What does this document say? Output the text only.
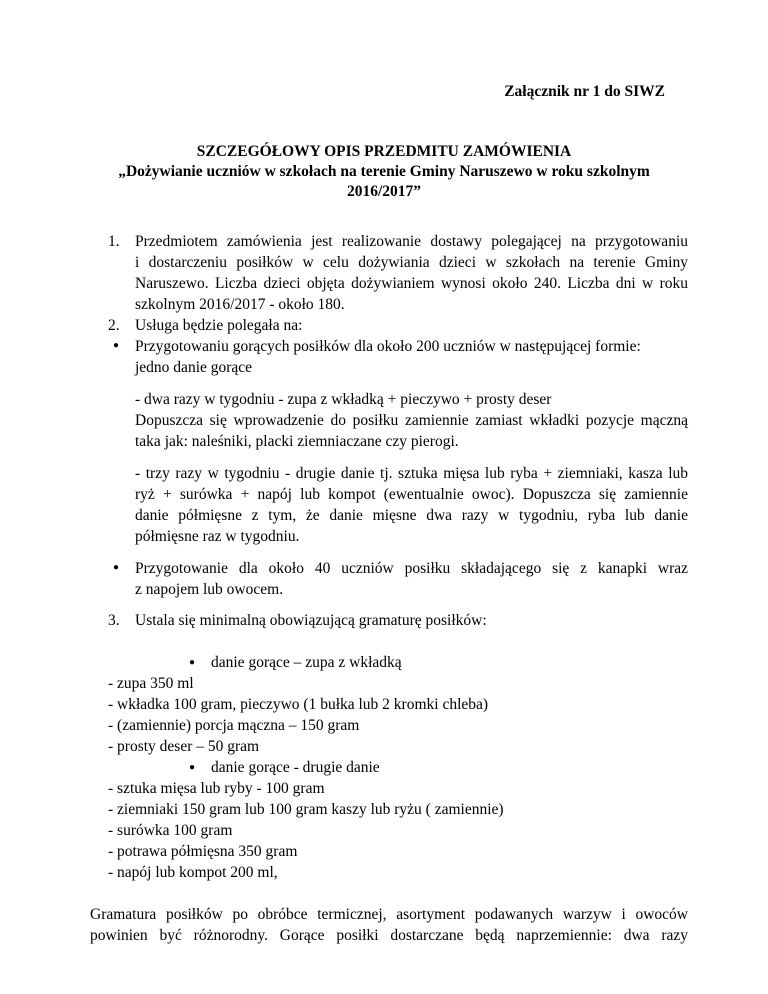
Załącznik nr 1 do SIWZ
SZCZEGÓŁOWY OPIS PRZEDMITU ZAMÓWIENIA
„Dożywianie uczniów w szkołach na terenie Gminy Naruszewo w roku szkolnym
2016/2017”
1. Przedmiotem zamówienia jest realizowanie dostawy polegającej na przygotowaniu
i dostarczeniu posiłków w celu dożywiania dzieci w szkołach na terenie Gminy
Naruszewo. Liczba dzieci objęta dożywianiem wynosi około 240. Liczba dni w roku
szkolnym 2016/2017 - około 180.
2. Usługa będzie polegała na:
● Przygotowaniu gorących posiłków dla około 200 uczniów w następującej formie:
jedno danie gorące
- dwa razy w tygodniu - zupa z wkładką + pieczywo + prosty deser
Dopuszcza się wprowadzenie do posiłku zamiennie zamiast wkładki pozycje mączną
taka jak: naleśniki, placki ziemniaczane czy pierogi.
- trzy razy w tygodniu - drugie danie tj. sztuka mięsa lub ryba + ziemniaki, kasza lub
ryż + surówka + napój lub kompot (ewentualnie owoc). Dopuszcza się zamiennie
danie półmięsne z tym, że danie mięsne dwa razy w tygodniu, ryba lub danie
półmięsne raz w tygodniu.
● Przygotowanie dla około 40 uczniów posiłku składającego się z kanapki wraz
z napojem lub owocem.
3. Ustala się minimalną obowiązującą gramaturę posiłków:
● danie gorące – zupa z wkładką
- zupa 350 ml
- wkładka 100 gram, pieczywo (1 bułka lub 2 kromki chleba)
- (zamiennie) porcja mączna – 150 gram
- prosty deser – 50 gram
● danie gorące - drugie danie
- sztuka mięsa lub ryby - 100 gram
- ziemniaki 150 gram lub 100 gram kaszy lub ryżu ( zamiennie)
- surówka 100 gram
- potrawa półmięsna 350 gram
- napój lub kompot 200 ml,
Gramatura posiłków po obróbce termicznej, asortyment podawanych warzyw i owoców
powinien być różnorodny. Gorące posiłki dostarczane będą naprzemiennie: dwa razy
